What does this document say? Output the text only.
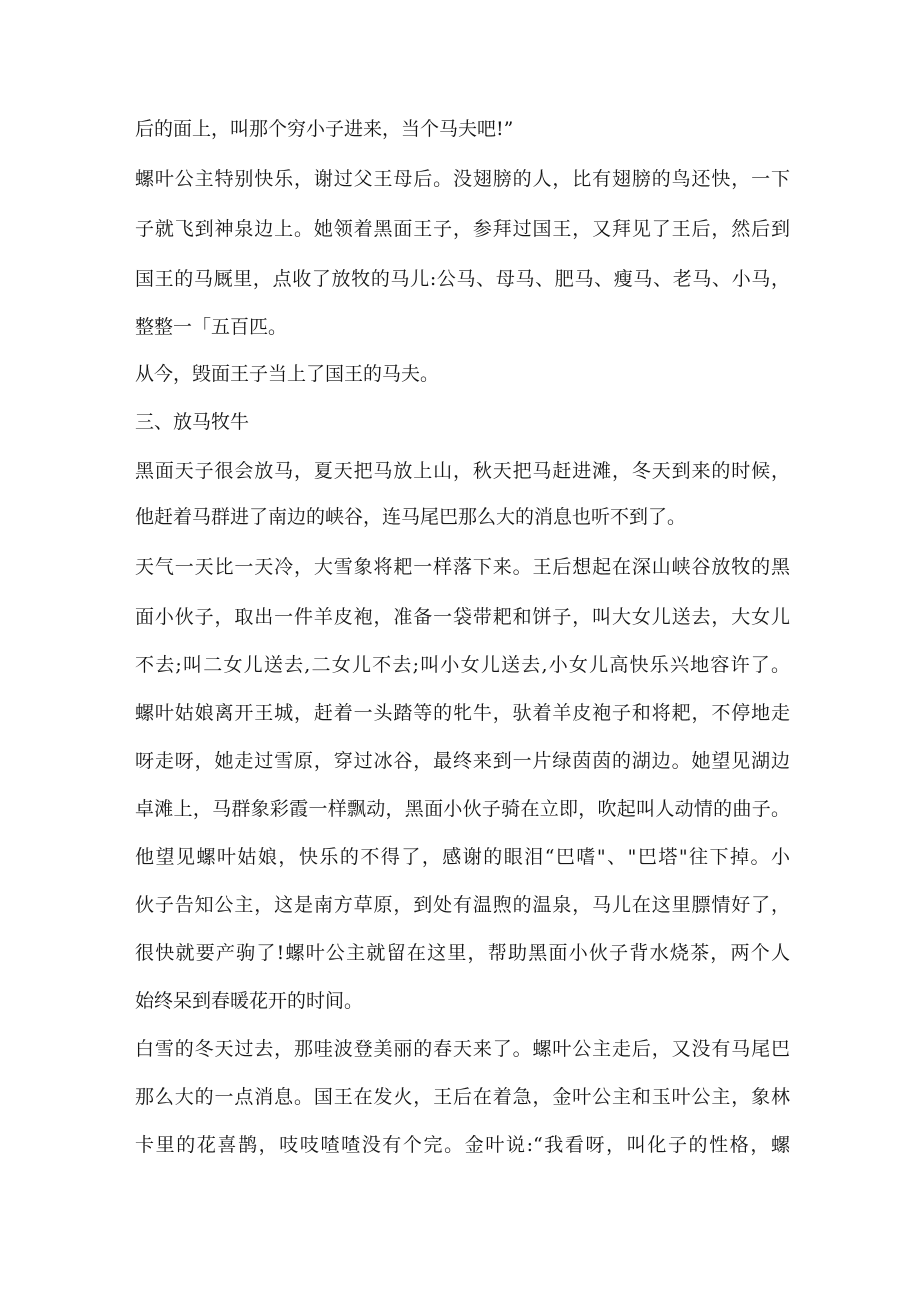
后的面上，叫那个穷小子进来，当个马夫吧!”
螺叶公主特别快乐，谢过父王母后。没翅膀的人，比有翅膀的鸟还快，一下
子就飞到神泉边上。她领着黑面王子，参拜过国王，又拜见了王后，然后到
国王的马厩里，点收了放牧的马儿:公马、母马、肥马、瘦马、老马、小马，
整整一「五百匹。
从今，毁面王子当上了国王的马夫。
三、放马牧牛
黑面天子很会放马，夏天把马放上山，秋天把马赶进滩，冬天到来的时候，
他赶着马群进了南边的峡谷，连马尾巴那么大的消息也听不到了。
天气一天比一天冷，大雪象将耙一样落下来。王后想起在深山峡谷放牧的黑
面小伙子，取出一件羊皮袍，准备一袋带耙和饼子，叫大女儿送去，大女儿
不去;叫二女儿送去,二女儿不去;叫小女儿送去,小女儿高快乐兴地容许了。
螺叶姑娘离开王城，赶着一头踏等的牝牛，驮着羊皮袍子和将耙，不停地走
呀走呀，她走过雪原，穿过冰谷，最终来到一片绿茵茵的湖边。她望见湖边
卓滩上，马群象彩霞一样飘动，黑面小伙子骑在立即，吹起叫人动情的曲子。
他望见螺叶姑娘，快乐的不得了，感谢的眼泪“巴嗜"、"巴塔"往下掉。小
伙子告知公主，这是南方草原，到处有温煦的温泉，马儿在这里膘情好了，
很快就要产驹了!螺叶公主就留在这里，帮助黑面小伙子背水烧茶，两个人
始终呆到春暖花开的时间。
白雪的冬天过去，那哇波登美丽的春天来了。螺叶公主走后，又没有马尾巴
那么大的一点消息。国王在发火，王后在着急，金叶公主和玉叶公主，象林
卡里的花喜鹊，吱吱喳喳没有个完。金叶说:“我看呀，叫化子的性格，螺
